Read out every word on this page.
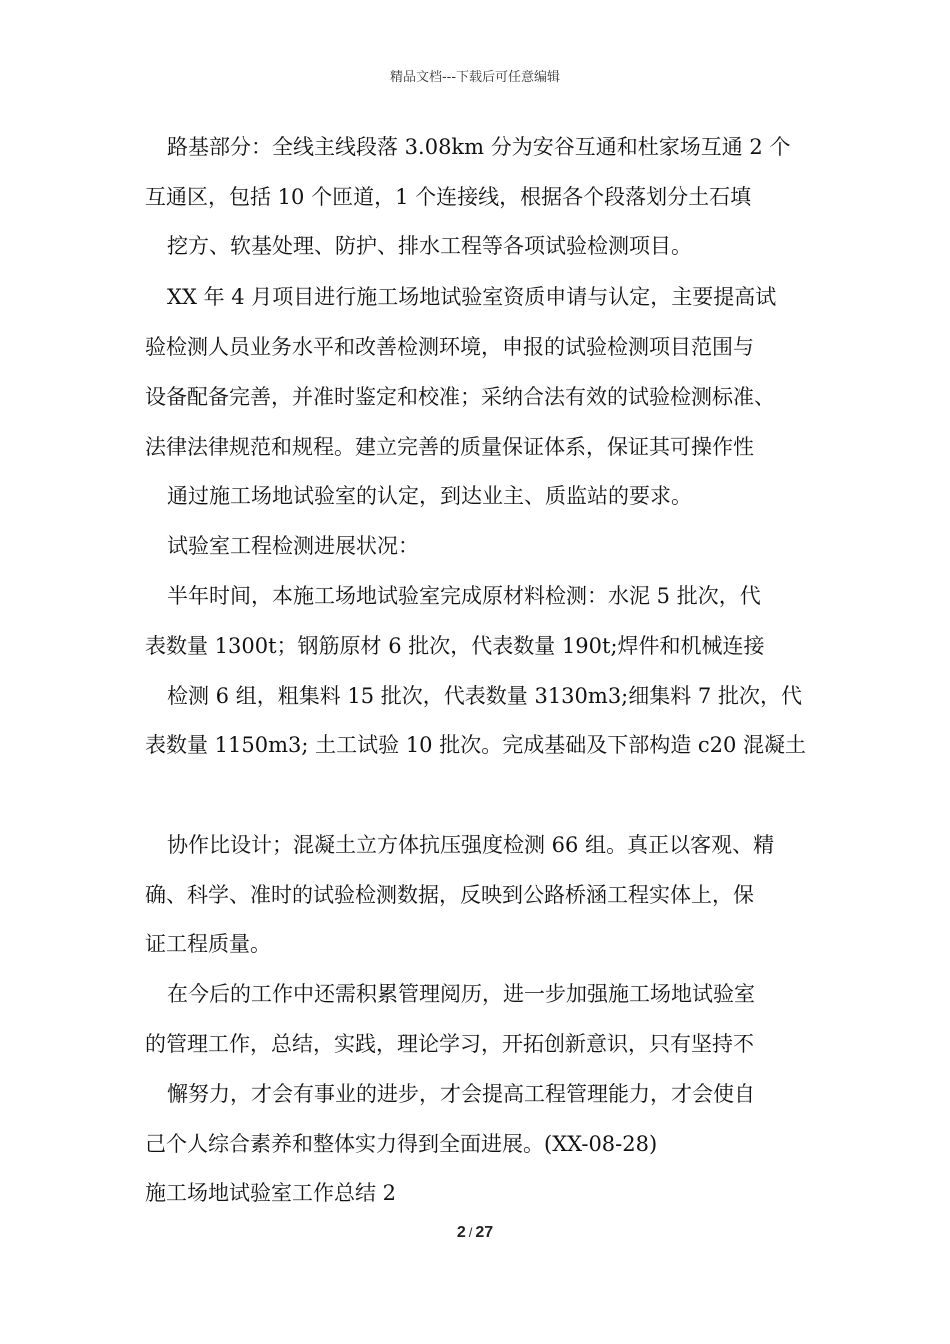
精品文档---下载后可任意编辑
路基部分：全线主线段落 3.08km 分为安谷互通和杜家场互通 2 个
互通区，包括 10 个匝道，1 个连接线，根据各个段落划分土石填
挖方、软基处理、防护、排水工程等各项试验检测项目。
XX 年 4 月项目进行施工场地试验室资质申请与认定，主要提高试
验检测人员业务水平和改善检测环境，申报的试验检测项目范围与
设备配备完善，并准时鉴定和校准；采纳合法有效的试验检测标准、
法律法律规范和规程。建立完善的质量保证体系，保证其可操作性
通过施工场地试验室的认定，到达业主、质监站的要求。
试验室工程检测进展状况：
半年时间，本施工场地试验室完成原材料检测：水泥 5 批次，代
表数量 1300t；钢筋原材 6 批次，代表数量 190t;焊件和机械连接
检测 6 组，粗集料 15 批次，代表数量 3130m3;细集料 7 批次，代
表数量 1150m3; 土工试验 10 批次。完成基础及下部构造 c20 混凝土
协作比设计；混凝土立方体抗压强度检测 66 组。真正以客观、精
确、科学、准时的试验检测数据，反映到公路桥涵工程实体上，保
证工程质量。
在今后的工作中还需积累管理阅历，进一步加强施工场地试验室
的管理工作，总结，实践，理论学习，开拓创新意识，只有坚持不
懈努力，才会有事业的进步，才会提高工程管理能力，才会使自
己个人综合素养和整体实力得到全面进展。(XX-08-28)
施工场地试验室工作总结 2
2 / 27
